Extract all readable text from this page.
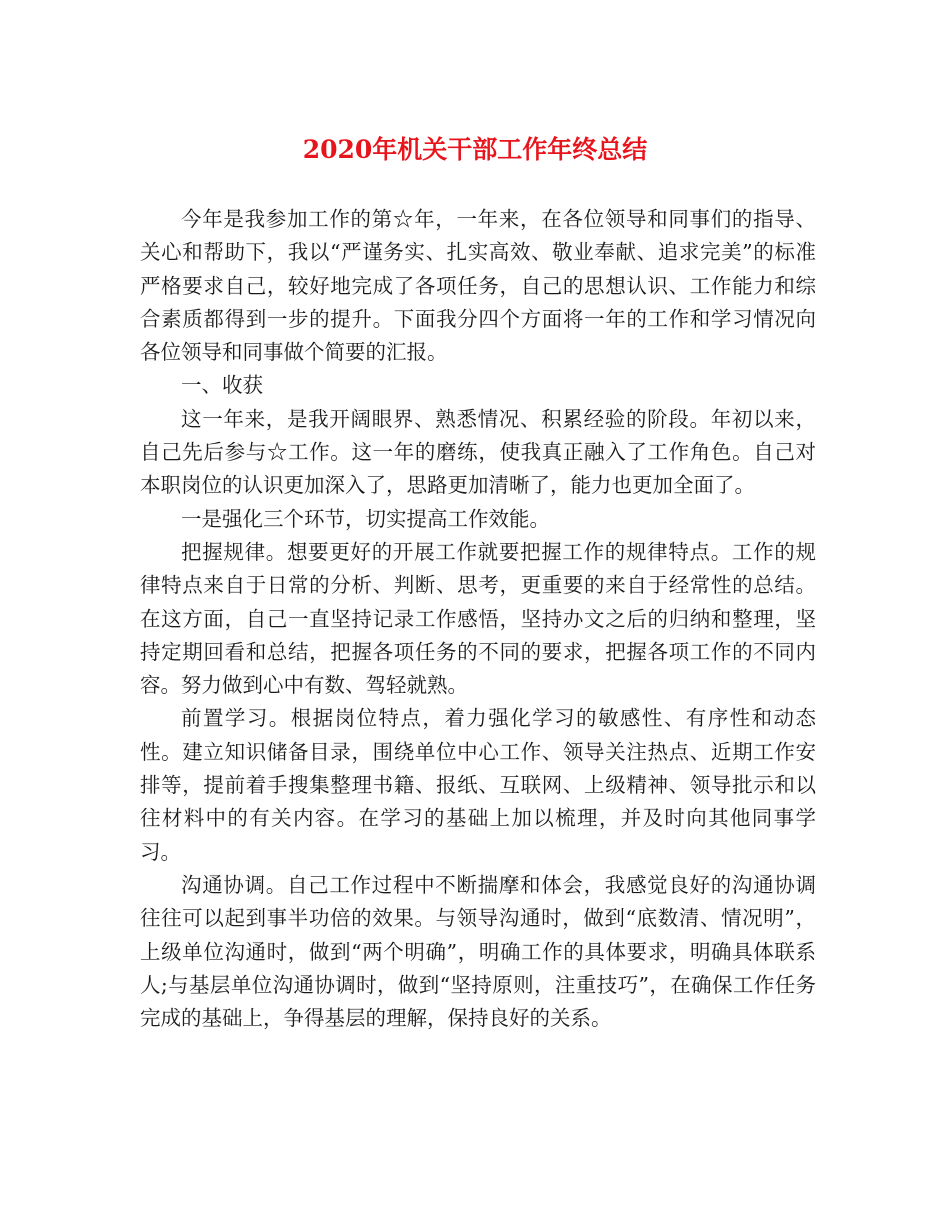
2020年机关干部工作年终总结

今年是我参加工作的第☆年，一年来，在各位领导和同事们的指导、关心和帮助下，我以“严谨务实、扎实高效、敬业奉献、追求完美”的标准严格要求自己，较好地完成了各项任务，自己的思想认识、工作能力和综合素质都得到一步的提升。下面我分四个方面将一年的工作和学习情况向各位领导和同事做个简要的汇报。

一、收获

这一年来，是我开阔眼界、熟悉情况、积累经验的阶段。年初以来，自己先后参与☆工作。这一年的磨练，使我真正融入了工作角色。自己对本职岗位的认识更加深入了，思路更加清晰了，能力也更加全面了。

一是强化三个环节，切实提高工作效能。

把握规律。想要更好的开展工作就要把握工作的规律特点。工作的规律特点来自于日常的分析、判断、思考，更重要的来自于经常性的总结。在这方面，自己一直坚持记录工作感悟，坚持办文之后的归纳和整理，坚持定期回看和总结，把握各项任务的不同的要求，把握各项工作的不同内容。努力做到心中有数、驾轻就熟。

前置学习。根据岗位特点，着力强化学习的敏感性、有序性和动态性。建立知识储备目录，围绕单位中心工作、领导关注热点、近期工作安排等，提前着手搜集整理书籍、报纸、互联网、上级精神、领导批示和以往材料中的有关内容。在学习的基础上加以梳理，并及时向其他同事学习。

沟通协调。自己工作过程中不断揣摩和体会，我感觉良好的沟通协调往往可以起到事半功倍的效果。与领导沟通时，做到“底数清、情况明”，上级单位沟通时，做到“两个明确”，明确工作的具体要求，明确具体联系人;与基层单位沟通协调时，做到“坚持原则，注重技巧”，在确保工作任务完成的基础上，争得基层的理解，保持良好的关系。
